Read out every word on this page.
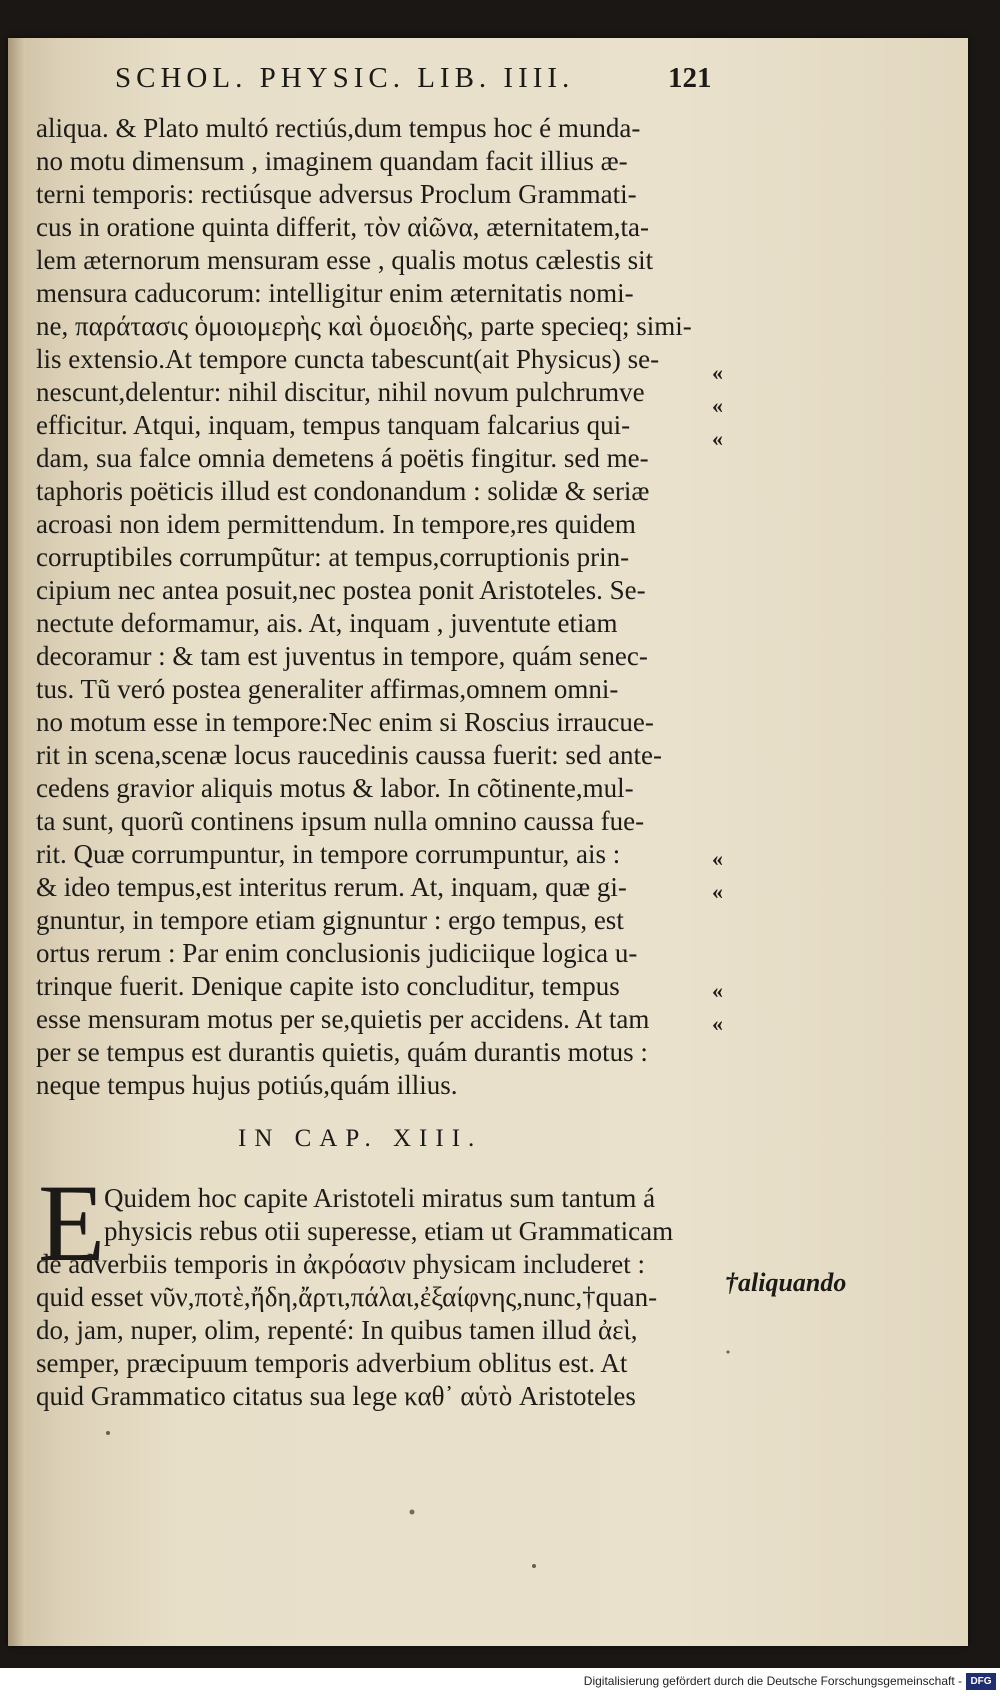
SCHOL. PHYSIC. LIB. IIII.	121
aliqua. & Plato multó rectiús,dum tempus hoc é munda-
no motu dimensum , imaginem quandam facit illius æ-
terni temporis: rectiúsque adversus Proclum Grammati-
cus in oratione quinta differit, τὸν αἰῶνα, æternitatem,ta-
lem æternorum mensuram esse , qualis motus cælestis sit
mensura caducorum: intelligitur enim æternitatis nomi-
ne, παράτασις ὁμοιομερὴς καὶ ὁμοειδὴς, parte specieq; simi-
lis extensio.At tempore cuncta tabescunt(ait Physicus) se-
nescunt,delentur: nihil discitur, nihil novum pulchrumve
efficitur. Atqui, inquam, tempus tanquam falcarius qui-
dam, sua falce omnia demetens á poëtis fingitur. sed me-
taphoris poëticis illud est condonandum : solidæ & seriæ
acroasi non idem permittendum. In tempore,res quidem
corruptibiles corrumpũtur: at tempus,corruptionis prin-
cipium nec antea posuit,nec postea ponit Aristoteles. Se-
nectute deformamur, ais. At, inquam , juventute etiam
decoramur : & tam est juventus in tempore, quám senec-
tus. Tũ veró postea generaliter affirmas,omnem omni-
no motum esse in tempore:Nec enim si Roscius irraucue-
rit in scena,scenæ locus raucedinis caussa fuerit: sed ante-
cedens gravior aliquis motus & labor. In cõtinente,mul-
ta sunt, quorũ continens ipsum nulla omnino caussa fue-
rit. Quæ corrumpuntur, in tempore corrumpuntur, ais :
& ideo tempus,est interitus rerum. At, inquam, quæ gi-
gnuntur, in tempore etiam gignuntur : ergo tempus, est
ortus rerum : Par enim conclusionis judiciique logica u-
trinque fuerit. Denique capite isto concluditur, tempus
esse mensuram motus per se,quietis per accidens. At tam
per se tempus est durantis quietis, quám durantis motus :
neque tempus hujus potiús,quám illius.
«
«
«
«
«
«
«
IN CAP. XIII.
E
Quidem hoc capite Aristoteli miratus sum tantum á
physicis rebus otii superesse, etiam ut Grammaticam
de adverbiis temporis in ἀκρόασιν physicam includeret :
quid esset νῦν,ποτὲ,ἤδη,ἄρτι,πάλαι,ἐξαίφνης,nunc,†quan-
do, jam, nuper, olim, repenté: In quibus tamen illud ἀεὶ,
semper, præcipuum temporis adverbium oblitus est. At
quid Grammatico citatus sua lege καθ᾽ αὑτὸ Aristoteles
†aliquando
Digitalisierung gefördert durch die Deutsche Forschungsgemeinschaft - DFG
